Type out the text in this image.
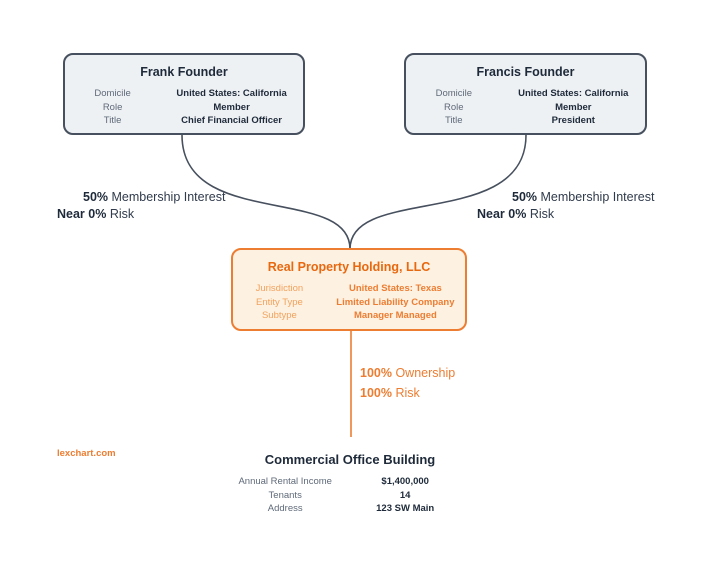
Frank Founder
Domicile	United States: California
Role	Member
Title	Chief Financial Officer
Francis Founder
Domicile	United States: California
Role	Member
Title	President
Real Property Holding, LLC
Jurisdiction	United States: Texas
Entity Type	Limited Liability Company
Subtype	Manager Managed
Commercial Office Building
Annual Rental Income	$1,400,000
Tenants	14
Address	123 SW Main
50% Membership Interest
Near 0% Risk
50% Membership Interest
Near 0% Risk
100% Ownership
100% Risk
lexchart.com
